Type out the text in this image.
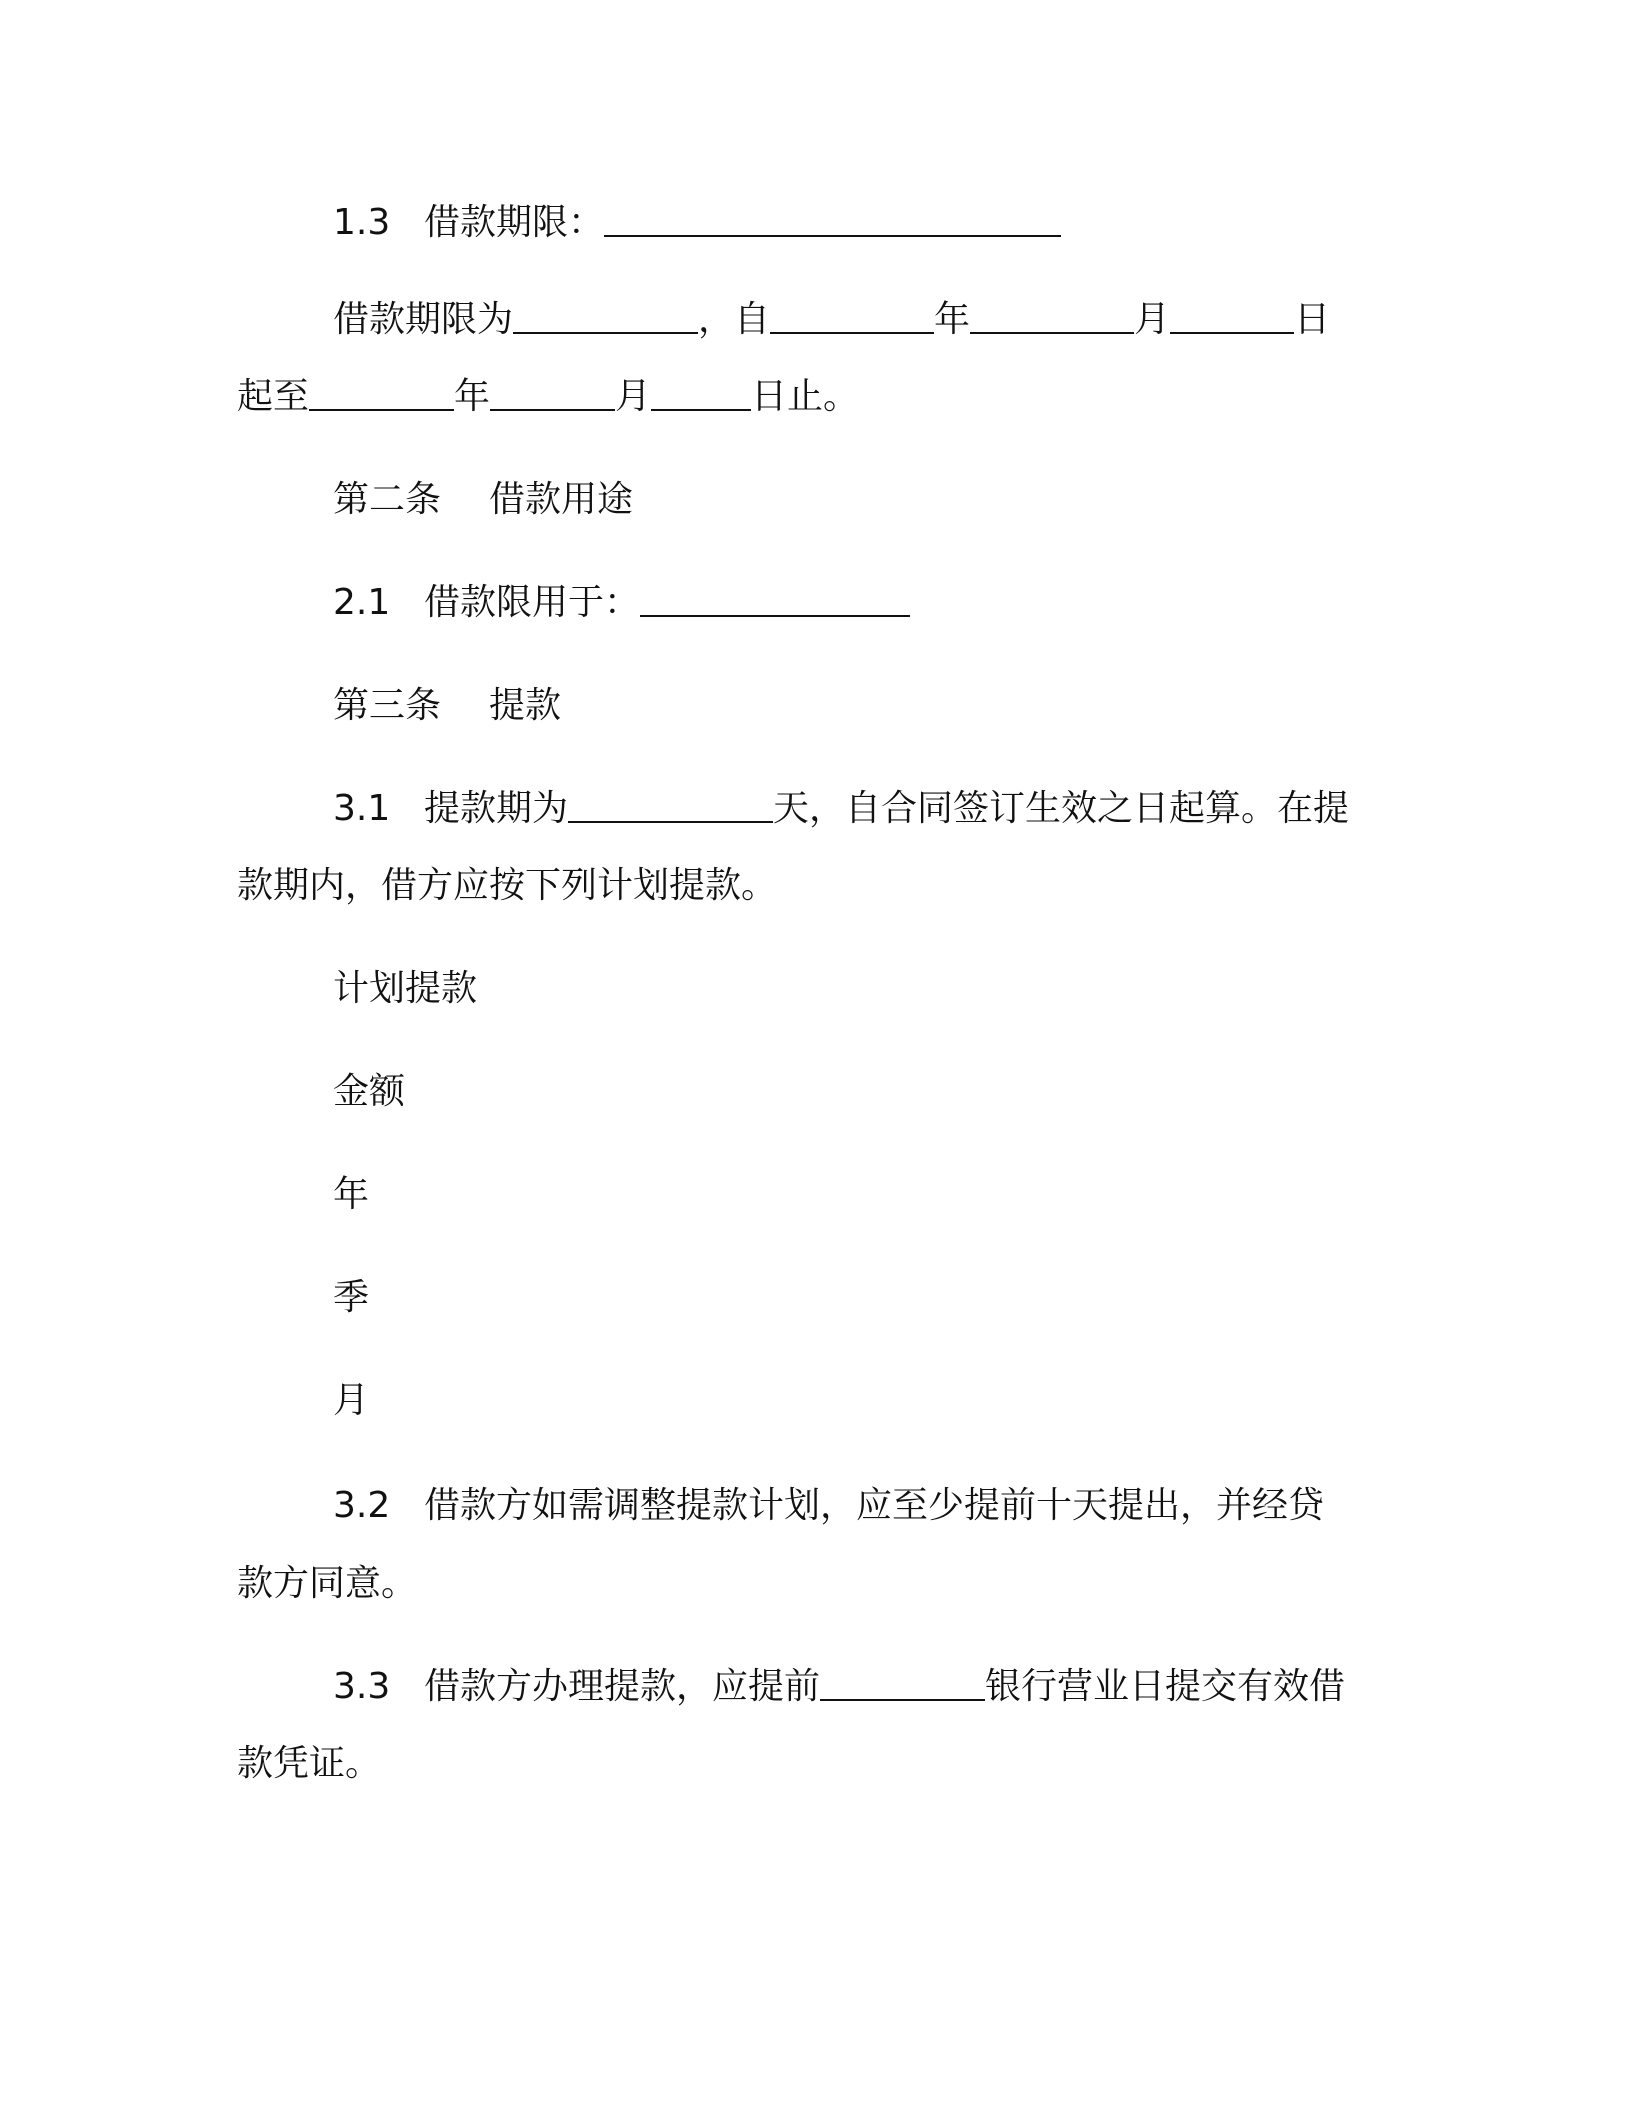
1.3 借款期限：
借款期限为	，自	年	月	日
起至	年	月	日止。
第二条 借款用途
2.1 借款限用于：
第三条 提款
3.1 提款期为	天，自合同签订生效之日起算。在提
款期内，借方应按下列计划提款。
计划提款
金额
年
季
月
3.2 借款方如需调整提款计划，应至少提前十天提出，并经贷
款方同意。
3.3 借款方办理提款，应提前	银行营业日提交有效借
款凭证。
